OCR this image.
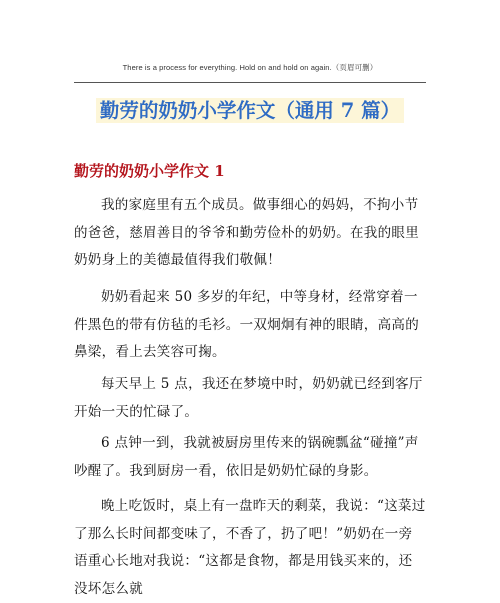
There is a process for everything. Hold on and hold on again.（页眉可删）
勤劳的奶奶小学作文（通用 7 篇）
勤劳的奶奶小学作文 1

我的家庭里有五个成员。做事细心的妈妈，不拘小节的爸爸，慈眉善目的爷爷和勤劳俭朴的奶奶。在我的眼里奶奶身上的美德最值得我们敬佩！

奶奶看起来 50 多岁的年纪，中等身材，经常穿着一件黑色的带有仿毡的毛衫。一双炯炯有神的眼睛，高高的鼻梁，看上去笑容可掬。

每天早上 5 点，我还在梦境中时，奶奶就已经到客厅开始一天的忙碌了。

6 点钟一到，我就被厨房里传来的锅碗瓢盆“碰撞”声吵醒了。我到厨房一看，依旧是奶奶忙碌的身影。

晚上吃饭时，桌上有一盘昨天的剩菜，我说：“这菜过了那么长时间都变味了，不香了，扔了吧！”奶奶在一旁语重心长地对我说：“这都是食物，都是用钱买来的，还没坏怎么就
